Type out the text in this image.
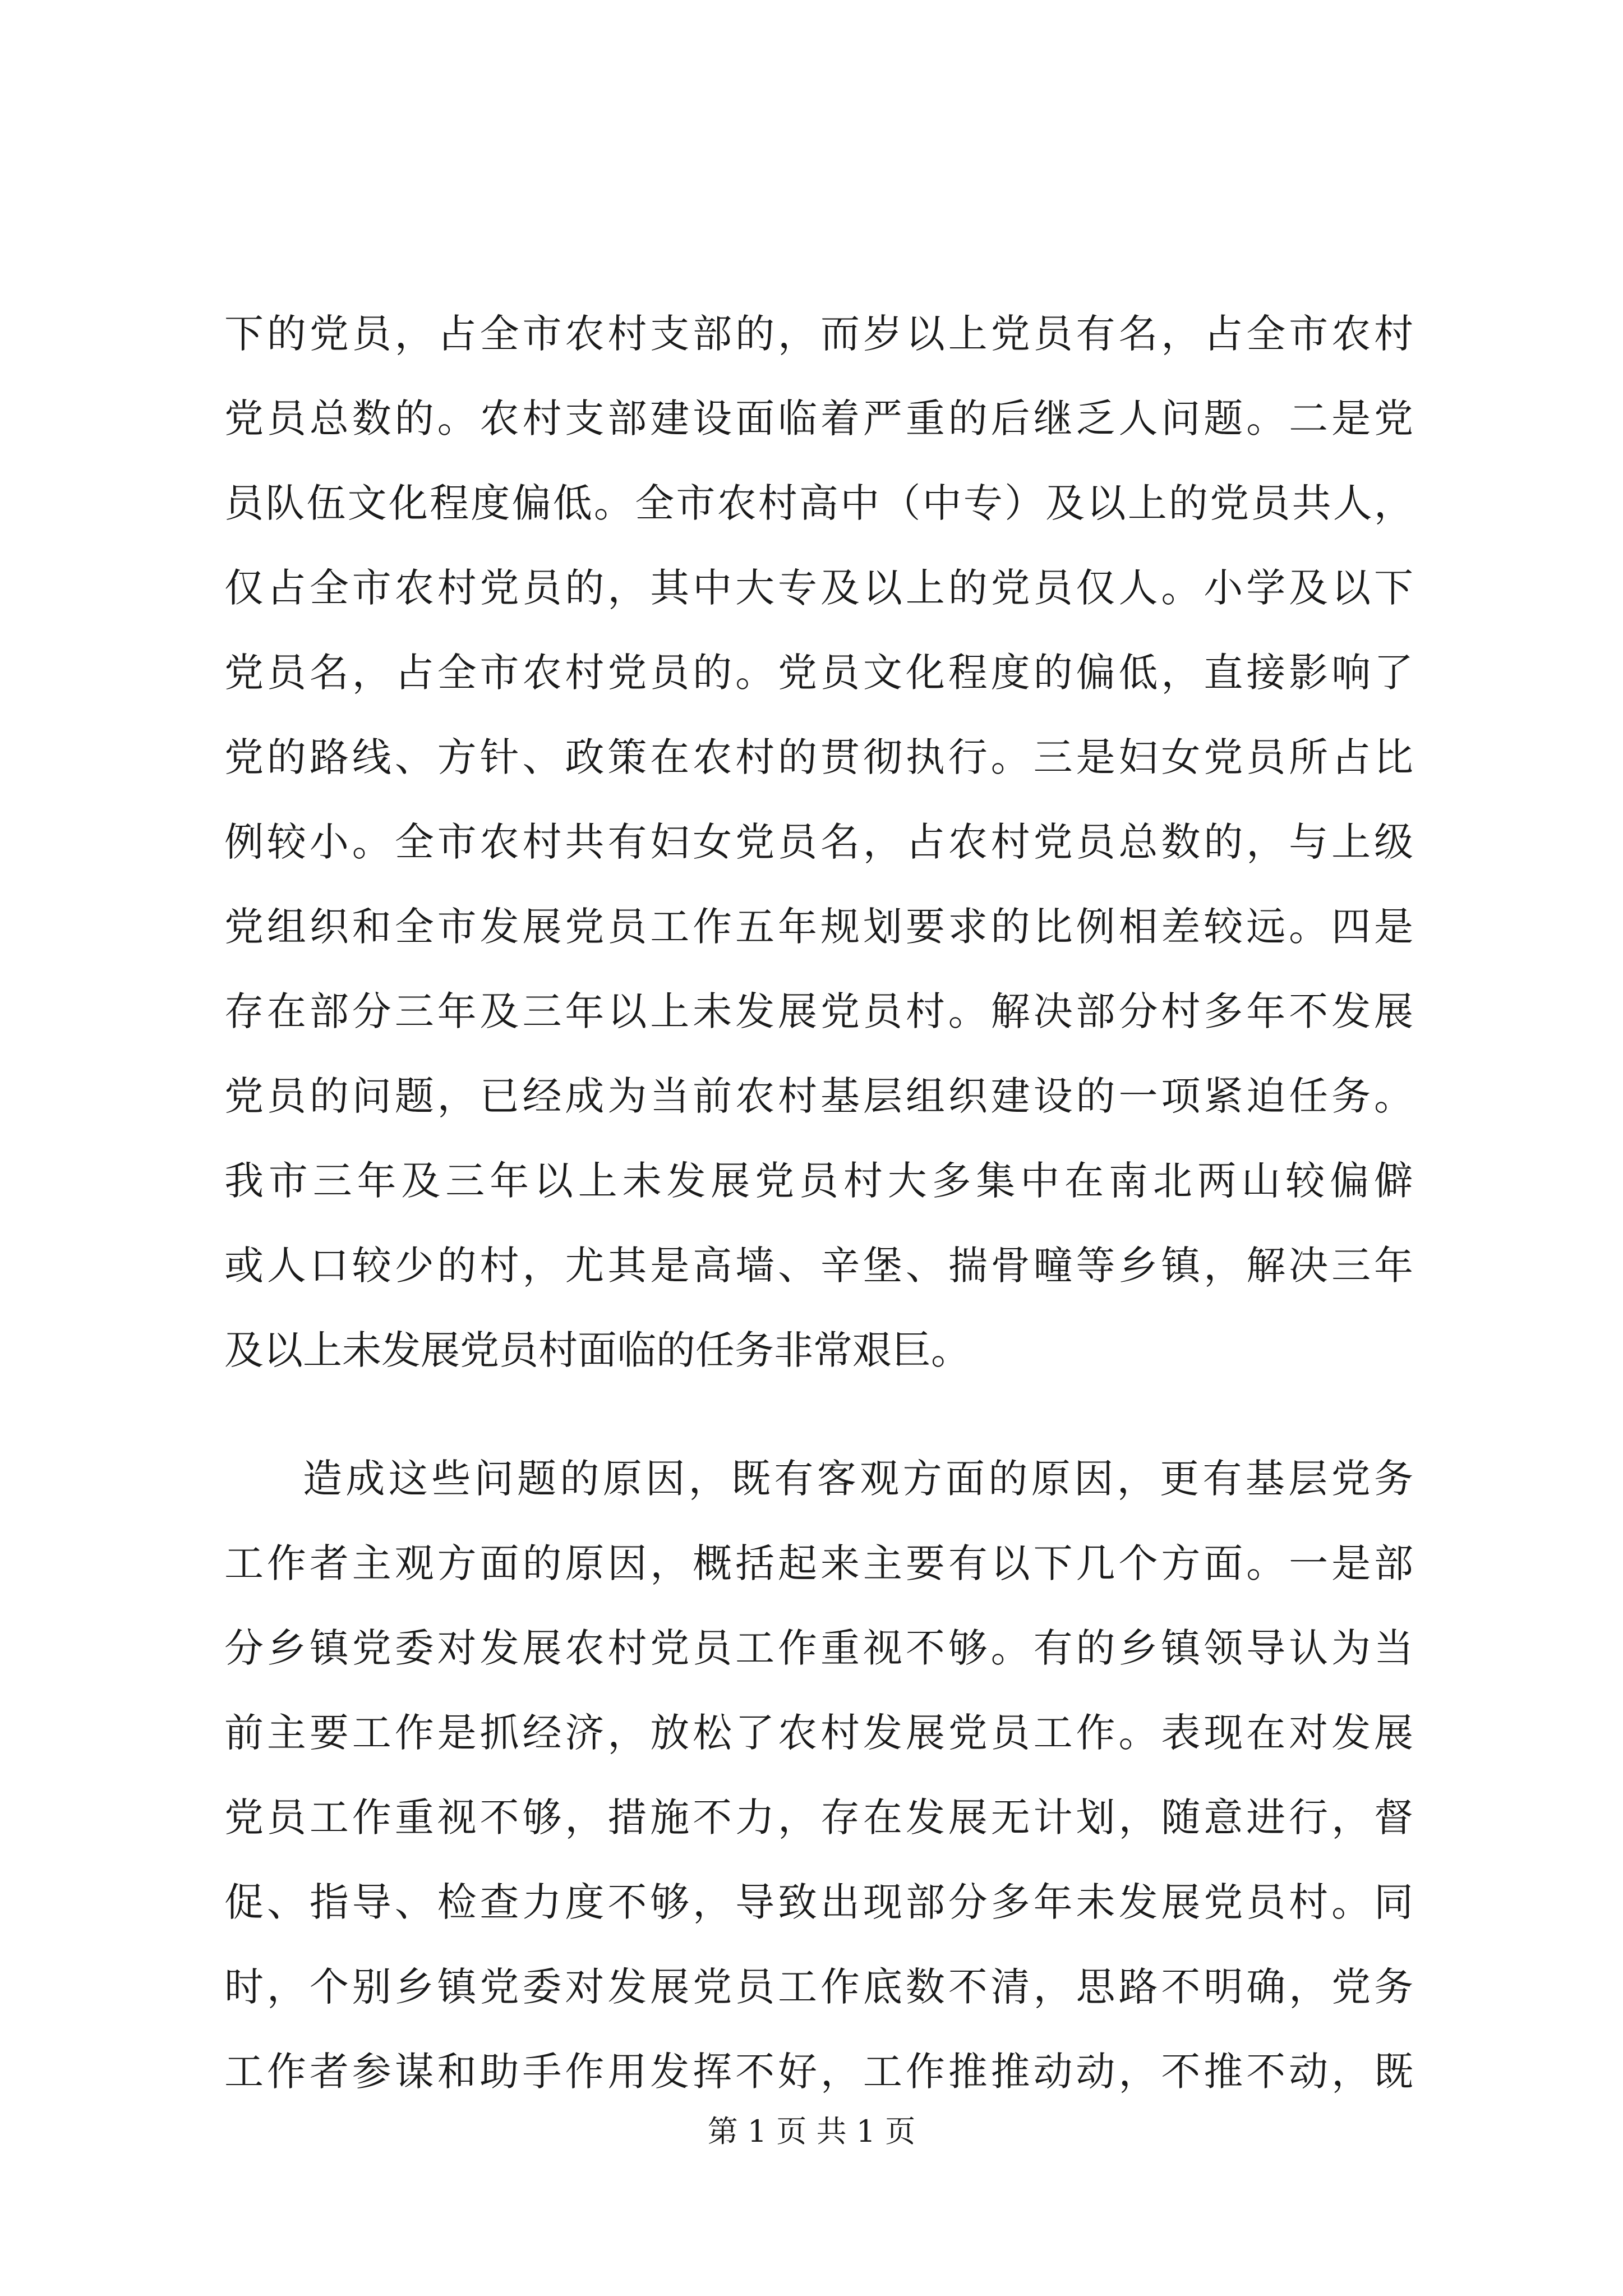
下的党员，占全市农村支部的，而岁以上党员有名，占全市农村
党员总数的。农村支部建设面临着严重的后继乏人问题。二是党
员队伍文化程度偏低。全市农村高中（中专）及以上的党员共人，
仅占全市农村党员的，其中大专及以上的党员仅人。小学及以下
党员名，占全市农村党员的。党员文化程度的偏低，直接影响了
党的路线、方针、政策在农村的贯彻执行。三是妇女党员所占比
例较小。全市农村共有妇女党员名，占农村党员总数的，与上级
党组织和全市发展党员工作五年规划要求的比例相差较远。四是
存在部分三年及三年以上未发展党员村。解决部分村多年不发展
党员的问题，已经成为当前农村基层组织建设的一项紧迫任务。
我市三年及三年以上未发展党员村大多集中在南北两山较偏僻
或人口较少的村，尤其是高墙、辛堡、揣骨疃等乡镇，解决三年
及以上未发展党员村面临的任务非常艰巨。
造成这些问题的原因，既有客观方面的原因，更有基层党务
工作者主观方面的原因，概括起来主要有以下几个方面。一是部
分乡镇党委对发展农村党员工作重视不够。有的乡镇领导认为当
前主要工作是抓经济，放松了农村发展党员工作。表现在对发展
党员工作重视不够，措施不力，存在发展无计划，随意进行，督
促、指导、检查力度不够，导致出现部分多年未发展党员村。同
时，个别乡镇党委对发展党员工作底数不清，思路不明确，党务
工作者参谋和助手作用发挥不好，工作推推动动，不推不动，既
第 1 页 共 1 页
